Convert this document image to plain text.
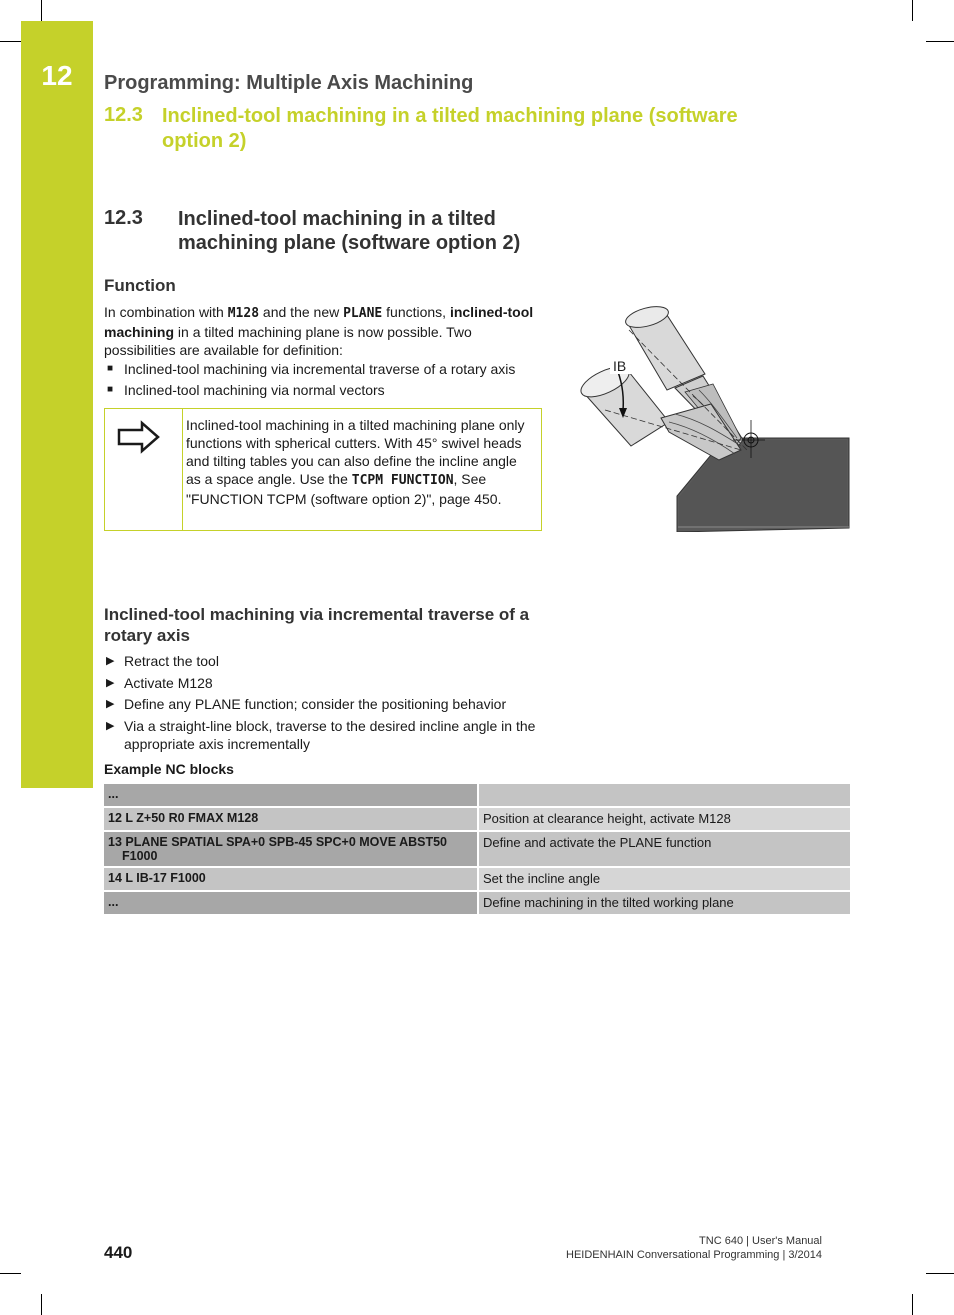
12	Programming: Multiple Axis Machining
12.3 Inclined-tool machining in a tilted machining plane (software option 2)
12.3 Inclined-tool machining in a tilted machining plane (software option 2)
Function
In combination with M128 and the new PLANE functions, inclined-tool machining in a tilted machining plane is now possible. Two possibilities are available for definition:
■ Inclined-tool machining via incremental traverse of a rotary axis
■ Inclined-tool machining via normal vectors
Inclined-tool machining in a tilted machining plane only functions with spherical cutters. With 45° swivel heads and tilting tables you can also define the incline angle as a space angle. Use the TCPM FUNCTION, See "FUNCTION TCPM (software option 2)", page 450.
IB
Inclined-tool machining via incremental traverse of a rotary axis
▶ Retract the tool
▶ Activate M128
▶ Define any PLANE function; consider the positioning behavior
▶ Via a straight-line block, traverse to the desired incline angle in the appropriate axis incrementally
Example NC blocks
...	
12 L Z+50 R0 FMAX M128	Position at clearance height, activate M128
13 PLANE SPATIAL SPA+0 SPB-45 SPC+0 MOVE ABST50
F1000	Define and activate the PLANE function
14 L IB-17 F1000	Set the incline angle
...	Define machining in the tilted working plane
440
TNC 640 | User's Manual
HEIDENHAIN Conversational Programming | 3/2014
